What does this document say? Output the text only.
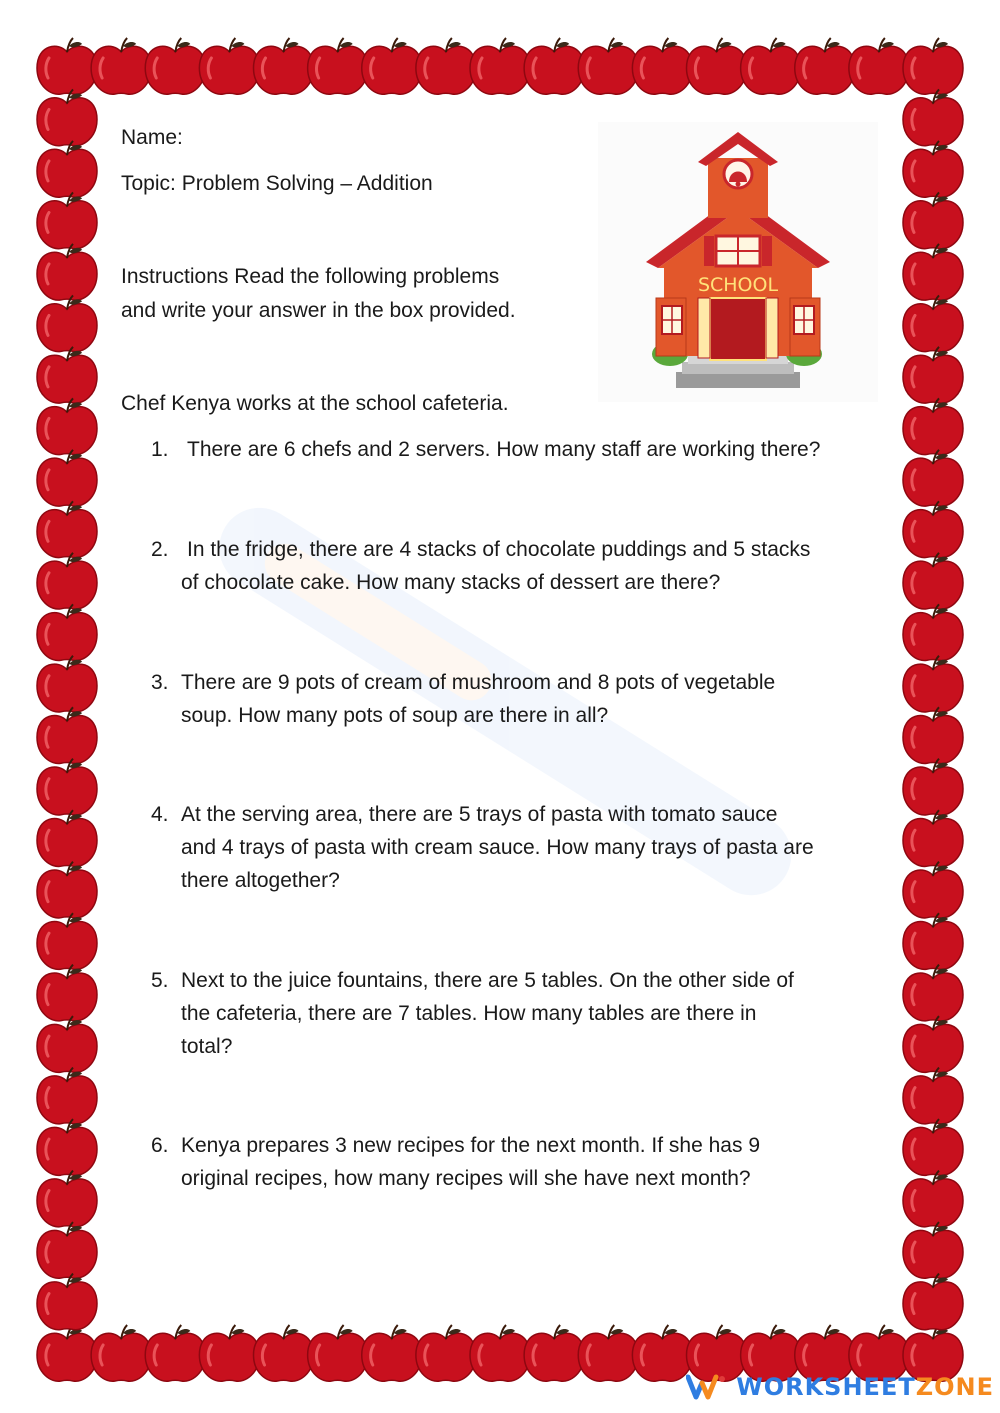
Name:
Topic: Problem Solving – Addition
Instructions Read the following problems
and write your answer in the box provided.
SCHOOL
Chef Kenya works at the school cafeteria.
1. There are 6 chefs and 2 servers. How many staff are working there?
2. In the fridge, there are 4 stacks of chocolate puddings and 5 stacks
of chocolate cake. How many stacks of dessert are there?
3. There are 9 pots of cream of mushroom and 8 pots of vegetable
soup. How many pots of soup are there in all?
4. At the serving area, there are 5 trays of pasta with tomato sauce
and 4 trays of pasta with cream sauce. How many trays of pasta are
there altogether?
5. Next to the juice fountains, there are 5 tables. On the other side of
the cafeteria, there are 7 tables. How many tables are there in
total?
6. Kenya prepares 3 new recipes for the next month. If she has 9
original recipes, how many recipes will she have next month?
WORKSHEETZONE
